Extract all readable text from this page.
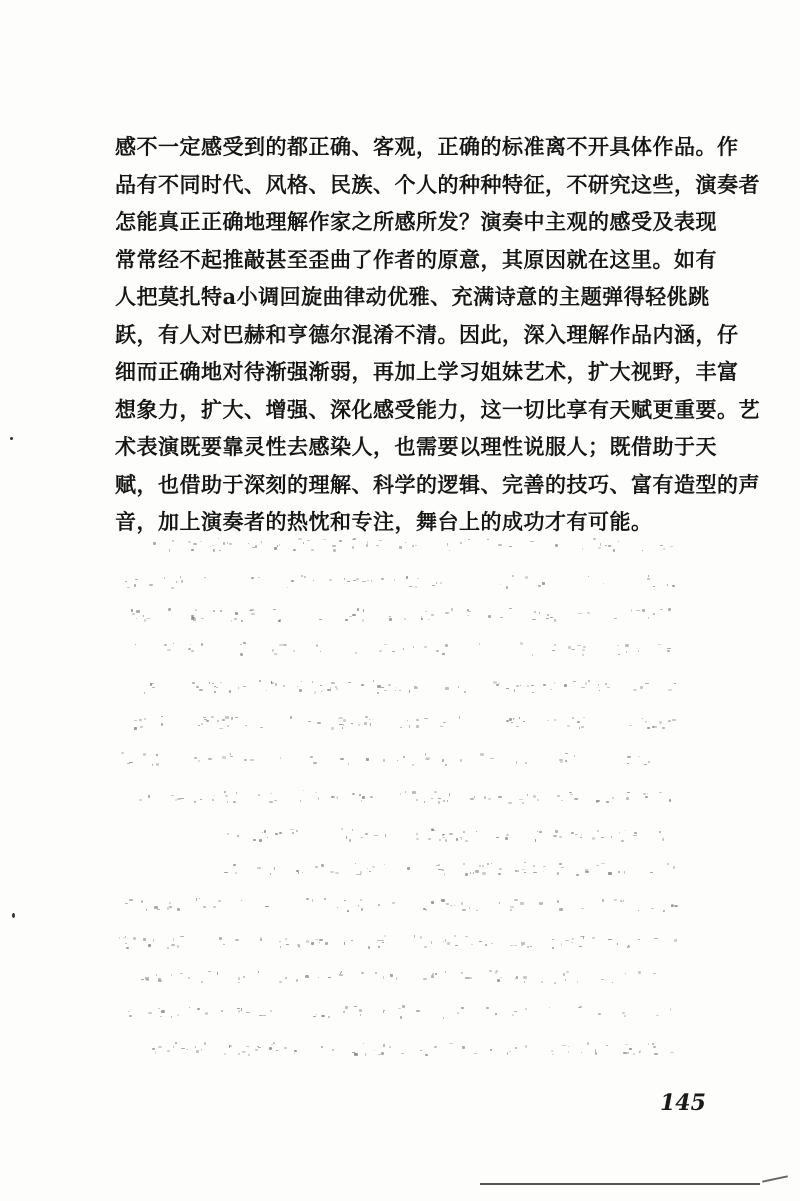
感不一定感受到的都正确、客观，正确的标准离不开具体作品。作
品有不同时代、风格、民族、个人的种种特征，不研究这些，演奏者
怎能真正正确地理解作家之所感所发？演奏中主观的感受及表现
常常经不起推敲甚至歪曲了作者的原意，其原因就在这里。如有
人把莫扎特a小调回旋曲律动优雅、充满诗意的主题弹得轻佻跳
跃，有人对巴赫和亨德尔混淆不清。因此，深入理解作品内涵，仔
细而正确地对待渐强渐弱，再加上学习姐妹艺术，扩大视野，丰富
想象力，扩大、增强、深化感受能力，这一切比享有天赋更重要。艺
术表演既要靠灵性去感染人，也需要以理性说服人；既借助于天
赋，也借助于深刻的理解、科学的逻辑、完善的技巧、富有造型的声
音，加上演奏者的热忱和专注，舞台上的成功才有可能。
145
